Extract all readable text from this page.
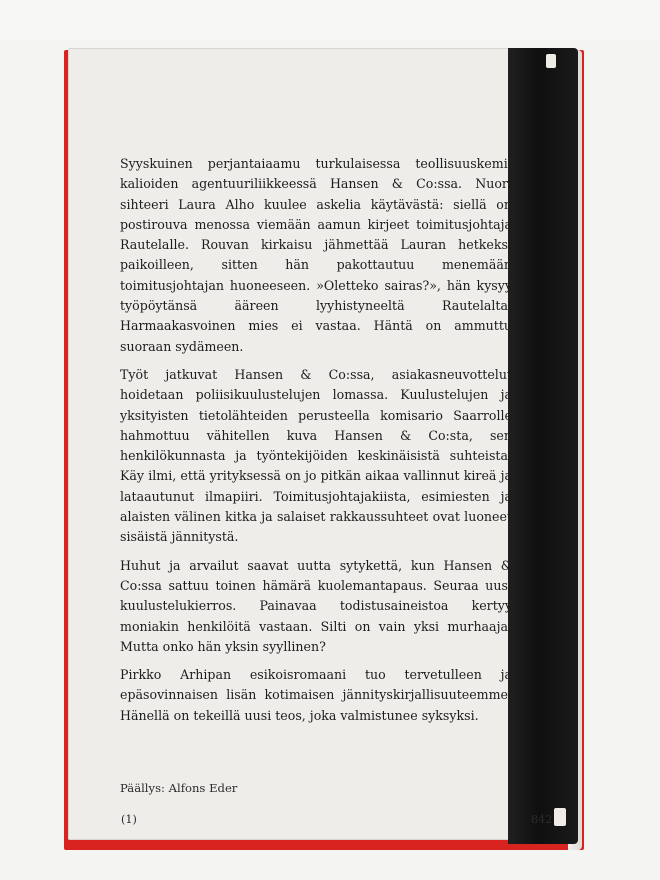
Syyskuinen perjantaiaamu turkulaisessa teollisuuskemikalioiden agentuuriliikkeessä Hansen & Co:ssa. Nuori sihteeri Laura Alho kuulee askelia käytävästä: siellä on postirouva menossa viemään aamun kirjeet toimitusjohtaja Rautelalle. Rouvan kirkaisu jähmettää Lauran hetkeksi paikoilleen, sitten hän pakottautuu menemään toimitusjohtajan huoneeseen. »Oletteko sairas?», hän kysyy työpöytänsä ääreen lyyhistyneeltä Rautelalta. Harmaakasvoinen mies ei vastaa. Häntä on ammuttu suoraan sydämeen.

Työt jatkuvat Hansen & Co:ssa, asiakasneuvottelut hoidetaan poliisikuulustelujen lomassa. Kuulustelujen ja yksityisten tietolähteiden perusteella komisario Saarrolle hahmottuu vähitellen kuva Hansen & Co:sta, sen henkilökunnasta ja työntekijöiden keskinäisistä suhteista. Käy ilmi, että yrityksessä on jo pitkän aikaa vallinnut kireä ja lataautunut ilmapiiri. Toimitusjohtajakiista, esimiesten ja alaisten välinen kitka ja salaiset rakkaussuhteet ovat luoneet sisäistä jännitystä.

Huhut ja arvailut saavat uutta sytykettä, kun Hansen & Co:ssa sattuu toinen hämärä kuolemantapaus. Seuraa uusi kuulustelukierros. Painavaa todistusaineistoa kertyy moniakin henkilöitä vastaan. Silti on vain yksi murhaaja. Mutta onko hän yksin syyllinen?

Pirkko Arhipan esikoisromaani tuo tervetulleen ja epäsovinnaisen lisän kotimaisen jännityskirjallisuuteemme. Hänellä on tekeillä uusi teos, joka valmistunee syksyksi.

Päällys: Alfons Eder
(1)	842
